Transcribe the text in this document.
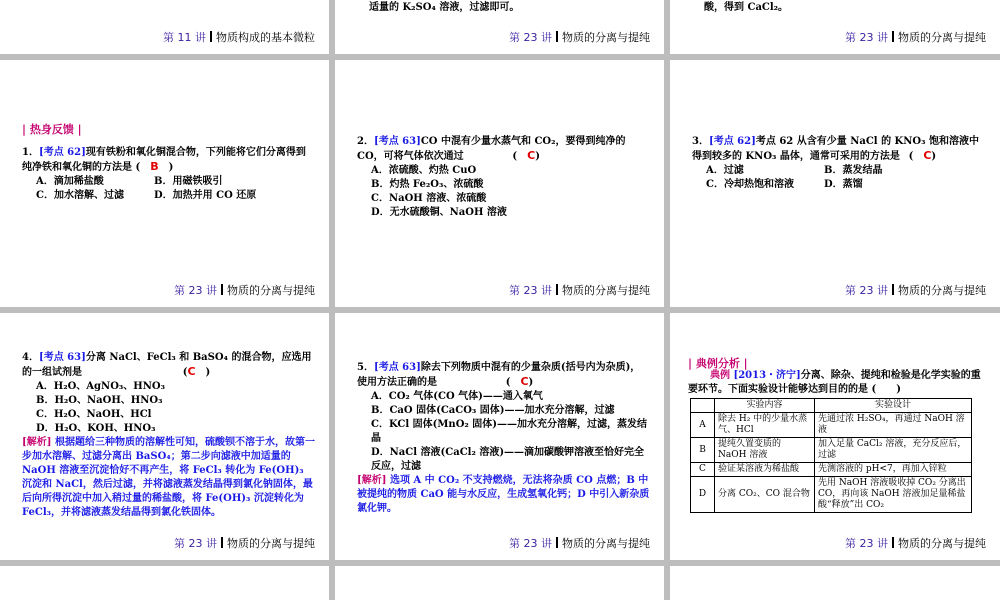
第 11 讲 物质构成的基本微粒
适量的 K₂SO₄ 溶液，过滤即可。
第 23 讲 物质的分离与提纯
酸，得到 CaCl₂。
第 23 讲 物质的分离与提纯
| 热身反馈 |
1．[考点 62]现有铁粉和氧化铜混合物，下列能将它们分离得到纯净铁和氧化铜的方法是 (　B　)
A．滴加稀盐酸	B．用磁铁吸引
C．加水溶解、过滤	D．加热并用 CO 还原
第 23 讲 物质的分离与提纯
2．[考点 63]CO 中混有少量水蒸气和 CO₂，要得到纯净的 CO，可将气体依次通过	(　C)
A．浓硫酸、灼热 CuO
B．灼热 Fe₂O₃、浓硫酸
C．NaOH 溶液、浓硫酸
D．无水硫酸铜、NaOH 溶液
第 23 讲 物质的分离与提纯
3．[考点 62]考点 62 从含有少量 NaCl 的 KNO₃ 饱和溶液中得到较多的 KNO₃ 晶体，通常可采用的方法是 (　C)
A．过滤	B．蒸发结晶
C．冷却热饱和溶液	D．蒸馏
第 23 讲 物质的分离与提纯
4．[考点 63]分离 NaCl、FeCl₃ 和 BaSO₄ 的混合物，应选用的一组试剂是	(C　)
A．H₂O、AgNO₃、HNO₃
B．H₂O、NaOH、HNO₃
C．H₂O、NaOH、HCl
D．H₂O、KOH、HNO₃
[解析] 根据题给三种物质的溶解性可知，硫酸钡不溶于水，故第一步加水溶解、过滤分离出 BaSO₄；第二步向滤液中加适量的 NaOH 溶液至沉淀恰好不再产生，将 FeCl₃ 转化为 Fe(OH)₃ 沉淀和 NaCl，然后过滤，并将滤液蒸发结晶得到氯化钠固体，最后向所得沉淀中加入稍过量的稀盐酸，将 Fe(OH)₃ 沉淀转化为 FeCl₃，并将滤液蒸发结晶得到氯化铁固体。
第 23 讲 物质的分离与提纯
5．[考点 63]除去下列物质中混有的少量杂质(括号内为杂质)，使用方法正确的是	(　C)
A．CO₂ 气体(CO 气体)——通入氧气
B．CaO 固体(CaCO₃ 固体)——加水充分溶解，过滤
C．KCl 固体(MnO₂ 固体)——加水充分溶解，过滤，蒸发结晶
D．NaCl 溶液(CaCl₂ 溶液)——滴加碳酸钾溶液至恰好完全反应，过滤
[解析] 选项 A 中 CO₂ 不支持燃烧，无法将杂质 CO 点燃；B 中被提纯的物质 CaO 能与水反应，生成氢氧化钙；D 中引入新杂质氯化钾。
第 23 讲 物质的分离与提纯
| 典例分析 |
典例 [2013・济宁]分离、除杂、提纯和检验是化学实验的重要环节。下面实验设计能够达到目的的是 (　　)
	实验内容	实验设计
A	除去 H₂ 中的少量水蒸气、HCl	先通过浓 H₂SO₄，再通过 NaOH 溶液
B	提纯久置变质的 NaOH 溶液	加入足量 CaCl₂ 溶液，充分反应后，过滤
C	验证某溶液为稀盐酸	先测溶液的 pH<7，再加入锌粒
D	分离 CO₂、CO 混合物	先用 NaOH 溶液吸收掉 CO₂ 分离出 CO，再向该 NaOH 溶液加足量稀盐酸“释放”出 CO₂
第 23 讲 物质的分离与提纯
